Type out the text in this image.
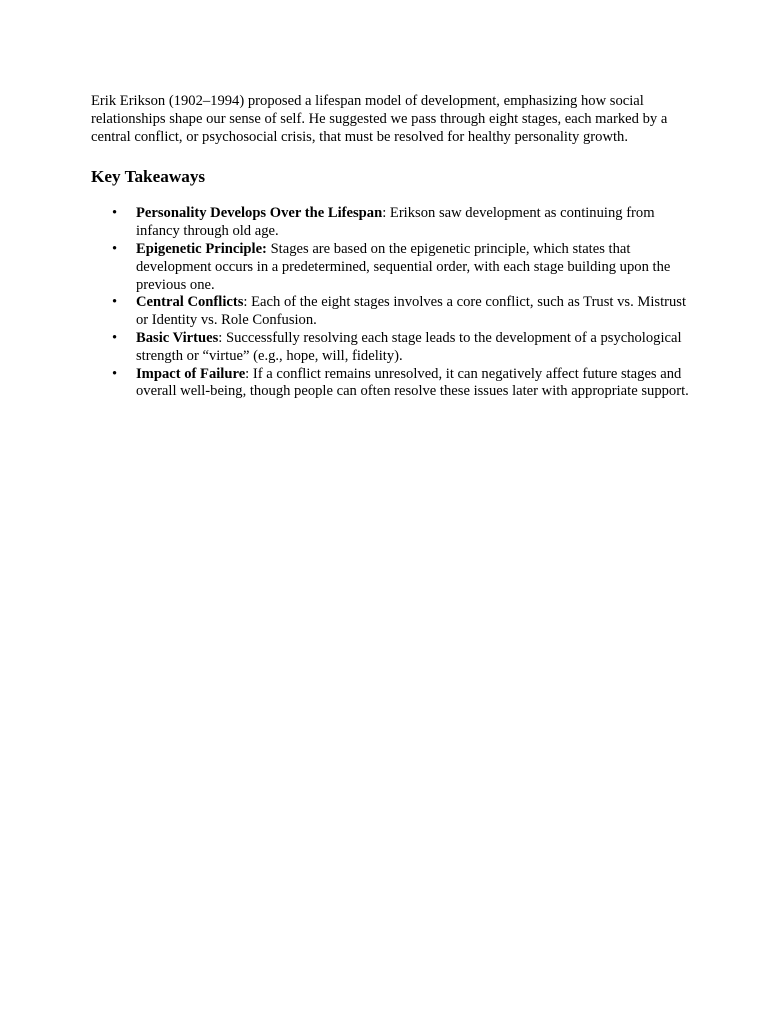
Erik Erikson (1902–1994) proposed a lifespan model of development, emphasizing how social relationships shape our sense of self. He suggested we pass through eight stages, each marked by a central conflict, or psychosocial crisis, that must be resolved for healthy personality growth.

Key Takeaways
• Personality Develops Over the Lifespan: Erikson saw development as continuing from infancy through old age.
• Epigenetic Principle: Stages are based on the epigenetic principle, which states that development occurs in a predetermined, sequential order, with each stage building upon the previous one.
• Central Conflicts: Each of the eight stages involves a core conflict, such as Trust vs. Mistrust or Identity vs. Role Confusion.
• Basic Virtues: Successfully resolving each stage leads to the development of a psychological strength or “virtue” (e.g., hope, will, fidelity).
• Impact of Failure: If a conflict remains unresolved, it can negatively affect future stages and overall well-being, though people can often resolve these issues later with appropriate support.
